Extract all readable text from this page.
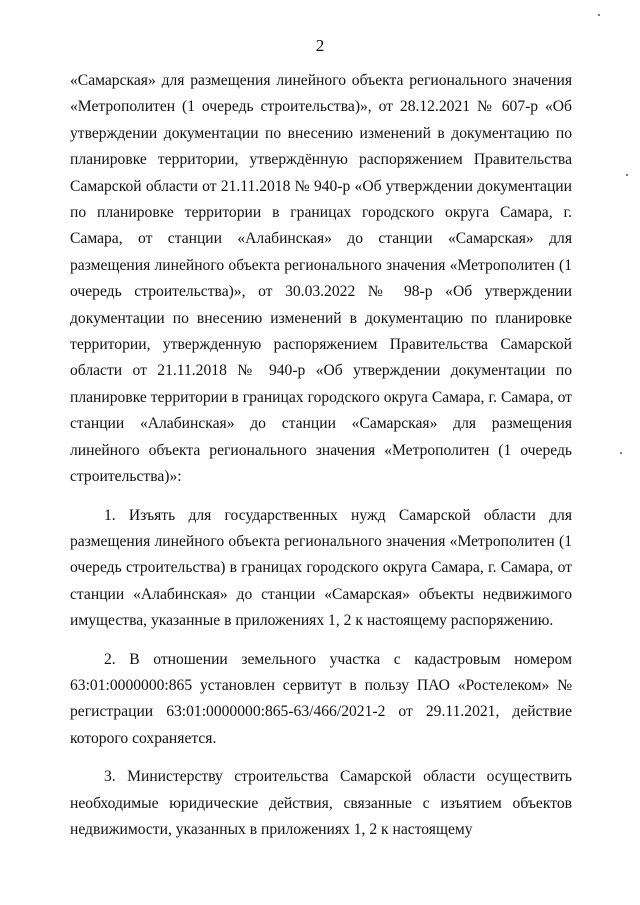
2

«Самарская» для размещения линейного объекта регионального значения «Метрополитен (1 очередь строительства)», от 28.12.2021 № 607-р «Об утверждении документации по внесению изменений в документацию по планировке территории, утверждённую распоряжением Правительства Самарской области от 21.11.2018 № 940-р «Об утверждении документации по планировке территории в границах городского округа Самара, г. Самара, от станции «Алабинская» до станции «Самарская» для размещения линейного объекта регионального значения «Метрополитен (1 очередь строительства)», от 30.03.2022 № 98-р «Об утверждении документации по внесению изменений в документацию по планировке территории, утвержденную распоряжением Правительства Самарской области от 21.11.2018 № 940-р «Об утверждении документации по планировке территории в границах городского округа Самара, г. Самара, от станции «Алабинская» до станции «Самарская» для размещения линейного объекта регионального значения «Метрополитен (1 очередь строительства)»:

1. Изъять для государственных нужд Самарской области для размещения линейного объекта регионального значения «Метрополитен (1 очередь строительства) в границах городского округа Самара, г. Самара, от станции «Алабинская» до станции «Самарская» объекты недвижимого имущества, указанные в приложениях 1, 2 к настоящему распоряжению.

2. В отношении земельного участка с кадастровым номером 63:01:0000000:865 установлен сервитут в пользу ПАО «Ростелеком» № регистрации 63:01:0000000:865-63/466/2021-2 от 29.11.2021, действие которого сохраняется.

3. Министерству строительства Самарской области осуществить необходимые юридические действия, связанные с изъятием объектов недвижимости, указанных в приложениях 1, 2 к настоящему
